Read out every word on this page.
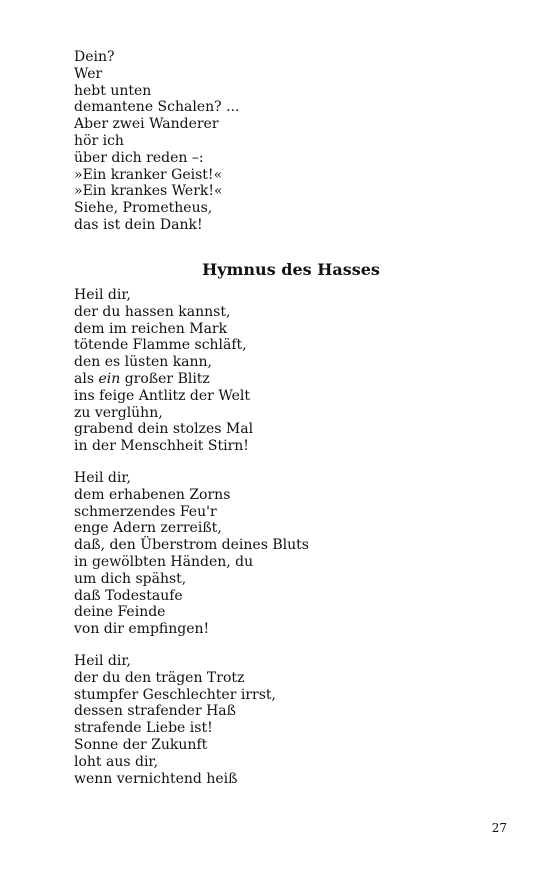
Dein?
Wer
hebt unten
demantene Schalen? ...
Aber zwei Wanderer
hör ich
über dich reden –:
»Ein kranker Geist!«
»Ein krankes Werk!«
Siehe, Prometheus,
das ist dein Dank!
Hymnus des Hasses
Heil dir,
der du hassen kannst,
dem im reichen Mark
tötende Flamme schläft,
den es lüsten kann,
als ein großer Blitz
ins feige Antlitz der Welt
zu verglühn,
grabend dein stolzes Mal
in der Menschheit Stirn!
Heil dir,
dem erhabenen Zorns
schmerzendes Feu'r
enge Adern zerreißt,
daß, den Überstrom deines Bluts
in gewölbten Händen, du
um dich spähst,
daß Todestaufe
deine Feinde
von dir empfingen!
Heil dir,
der du den trägen Trotz
stumpfer Geschlechter irrst,
dessen strafender Haß
strafende Liebe ist!
Sonne der Zukunft
loht aus dir,
wenn vernichtend heiß
27
